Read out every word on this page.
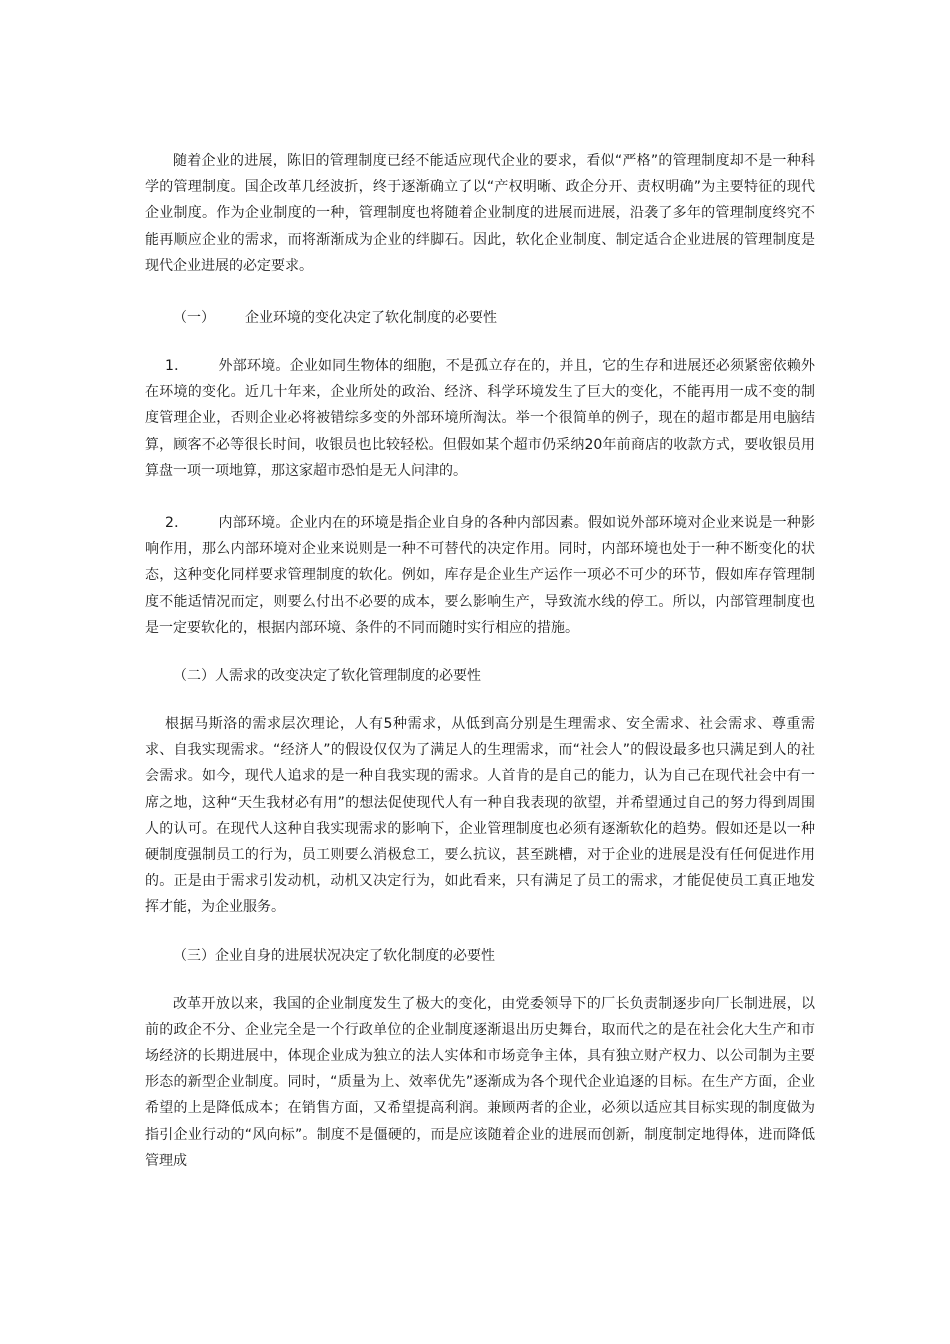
随着企业的进展，陈旧的管理制度已经不能适应现代企业的要求，看似“严格”的管理制度却不是一种科学的管理制度。国企改革几经波折，终于逐渐确立了以“产权明晰、政企分开、责权明确”为主要特征的现代企业制度。作为企业制度的一种，管理制度也将随着企业制度的进展而进展，沿袭了多年的管理制度终究不能再顺应企业的需求，而将渐渐成为企业的绊脚石。因此，软化企业制度、制定适合企业进展的管理制度是现代企业进展的必定要求。

（一） 企业环境的变化决定了软化制度的必要性

1． 外部环境。企业如同生物体的细胞，不是孤立存在的，并且，它的生存和进展还必须紧密依赖外在环境的变化。近几十年来，企业所处的政治、经济、科学环境发生了巨大的变化，不能再用一成不变的制度管理企业，否则企业必将被错综多变的外部环境所淘汰。举一个很简单的例子，现在的超市都是用电脑结算，顾客不必等很长时间，收银员也比较轻松。但假如某个超市仍采纳20年前商店的收款方式，要收银员用算盘一项一项地算，那这家超市恐怕是无人问津的。

2． 内部环境。企业内在的环境是指企业自身的各种内部因素。假如说外部环境对企业来说是一种影响作用，那么内部环境对企业来说则是一种不可替代的决定作用。同时，内部环境也处于一种不断变化的状态，这种变化同样要求管理制度的软化。例如，库存是企业生产运作一项必不可少的环节，假如库存管理制度不能适情况而定，则要么付出不必要的成本，要么影响生产，导致流水线的停工。所以，内部管理制度也是一定要软化的，根据内部环境、条件的不同而随时实行相应的措施。

（二）人需求的改变决定了软化管理制度的必要性

根据马斯洛的需求层次理论，人有5种需求，从低到高分别是生理需求、安全需求、社会需求、尊重需求、自我实现需求。“经济人”的假设仅仅为了满足人的生理需求，而“社会人”的假设最多也只满足到人的社会需求。如今，现代人追求的是一种自我实现的需求。人首肯的是自己的能力，认为自己在现代社会中有一席之地，这种“天生我材必有用”的想法促使现代人有一种自我表现的欲望，并希望通过自己的努力得到周围人的认可。在现代人这种自我实现需求的影响下，企业管理制度也必须有逐渐软化的趋势。假如还是以一种硬制度强制员工的行为，员工则要么消极怠工，要么抗议，甚至跳槽，对于企业的进展是没有任何促进作用的。正是由于需求引发动机，动机又决定行为，如此看来，只有满足了员工的需求，才能促使员工真正地发挥才能，为企业服务。

（三）企业自身的进展状况决定了软化制度的必要性

改革开放以来，我国的企业制度发生了极大的变化，由党委领导下的厂长负责制逐步向厂长制进展，以前的政企不分、企业完全是一个行政单位的企业制度逐渐退出历史舞台，取而代之的是在社会化大生产和市场经济的长期进展中，体现企业成为独立的法人实体和市场竞争主体，具有独立财产权力、以公司制为主要形态的新型企业制度。同时，“质量为上、效率优先”逐渐成为各个现代企业追逐的目标。在生产方面，企业希望的上是降低成本；在销售方面，又希望提高利润。兼顾两者的企业，必须以适应其目标实现的制度做为指引企业行动的“风向标”。制度不是僵硬的，而是应该随着企业的进展而创新，制度制定地得体，进而降低管理成
